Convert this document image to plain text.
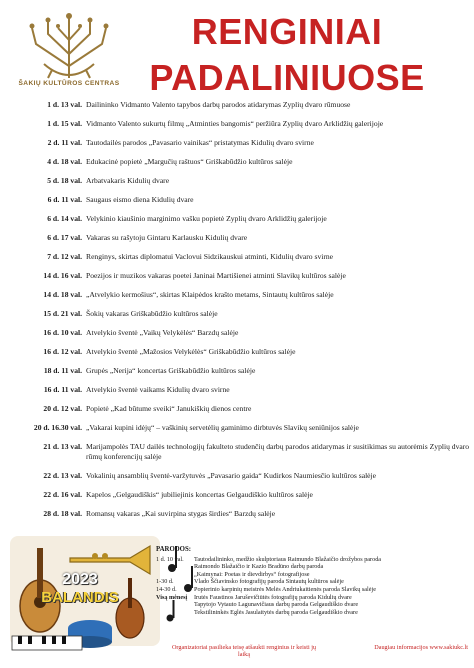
ŠAKIŲ KULTŪROS CENTRAS
RENGINIAI
PADALINIUOSE
1 d. 13 val. Dailininko Vidmanto Valento tapybos darbų parodos atidarymas Zyplių dvaro rūmuose
1 d. 15 val. Vidmanto Valento sukurtų filmų „Atminties bangomis“ peržiūra Zyplių dvaro Arklidžių galerijoje
2 d. 11 val. Tautodailės parodos „Pavasario vainikas“ pristatymas Kidulių dvaro svirne
4 d. 18 val. Edukacinė popietė „Margučių raštuos“ Griškabūdžio kultūros salėje
5 d. 18 val. Arbatvakaris Kidulių dvare
6 d. 11 val. Saugaus eismo diena Kidulių dvare
6 d. 14 val. Velykinio kiaušinio marginimo vašku popietė Zyplių dvaro Arklidžių galerijoje
6 d. 17 val. Vakaras su rašytoju Gintaru Karlausku Kidulių dvare
7 d. 12 val. Renginys, skirtas diplomatui Vaclovui Sidzikauskui atminti, Kidulių dvaro svirne
14 d. 16 val. Poezijos ir muzikos vakaras poetei Janinai Martišienei atminti Slavikų kultūros salėje
14 d. 18 val. „Atvelykio kermošius“, skirtas Klaipėdos krašto metams, Sintautų kultūros salėje
15 d. 21 val. Šokių vakaras Griškabūdžio kultūros salėje
16 d. 10 val. Atvelykio šventė „Vaikų Velykėlės“ Barzdų salėje
16 d. 12 val. Atvelykio šventė „Mažosios Velykėlės“ Griškabūdžio kultūros salėje
18 d. 11 val. Grupės „Nerija“ koncertas Griškabūdžio kultūros salėje
16 d. 11 val. Atvelykio šventė vaikams Kidulių dvaro svirne
20 d. 12 val. Popietė „Kad būtume sveiki“ Janukiškių dienos centre
20 d. 16.30 val. „Vakarai kupini idėjų“ – vaškinių servetėlių gaminimo dirbtuvės Slavikų seniūnijos salėje
21 d. 13 val. Marijampolės TAU dailės technologijų fakulteto studenčių darbų parodos atidarymas ir susitikimas su autorėmis Zyplių dvaro rūmų konferencijų salėje
22 d. 13 val. Vokalinių ansamblių šventė-varžytuvės „Pavasario gaida“ Kudirkos Naumiesčio kultūros salėje
22 d. 16 val. Kapelos „Gelgaudiškis“ jubiliejinis koncertas Gelgaudiškio kultūros salėje
28 d. 18 val. Romansų vakaras „Kai suvirpina stygas širdies“ Barzdų salėje
2023
BALANDIS
PARODOS:
1 d. 10 val.	Tautodailininko, medžio skulptoriaus Raimundo Blažaičio drožybos paroda
Raimondo Blažaičio ir Kazio Bradūno darbų paroda
„Kaimynai: Poetas ir dievdirbys“ fotografijose
1-30 d.	Vlado Ščiavinsko fotografijų paroda Sintautų kultūros salėje
14-30 d.	Popierinio karpinių meistrės Melės Andriukaitienės paroda Slavikų salėje
Visą mėnesį	Irutės Faustinos Jaruševičiūtės fotografijų paroda Kidulių dvare
Tapytojo Vytauto Lagunavičiaus darbų paroda Gelgaudiškio dvare
Tekstilininkės Eglės Jasulaitytės darbų paroda Gelgaudiškio dvare
Organizatoriai pasilieka teisę atšaukti renginius ir keisti jų laiką
Daugiau informacijos www.sakiukc.lt
